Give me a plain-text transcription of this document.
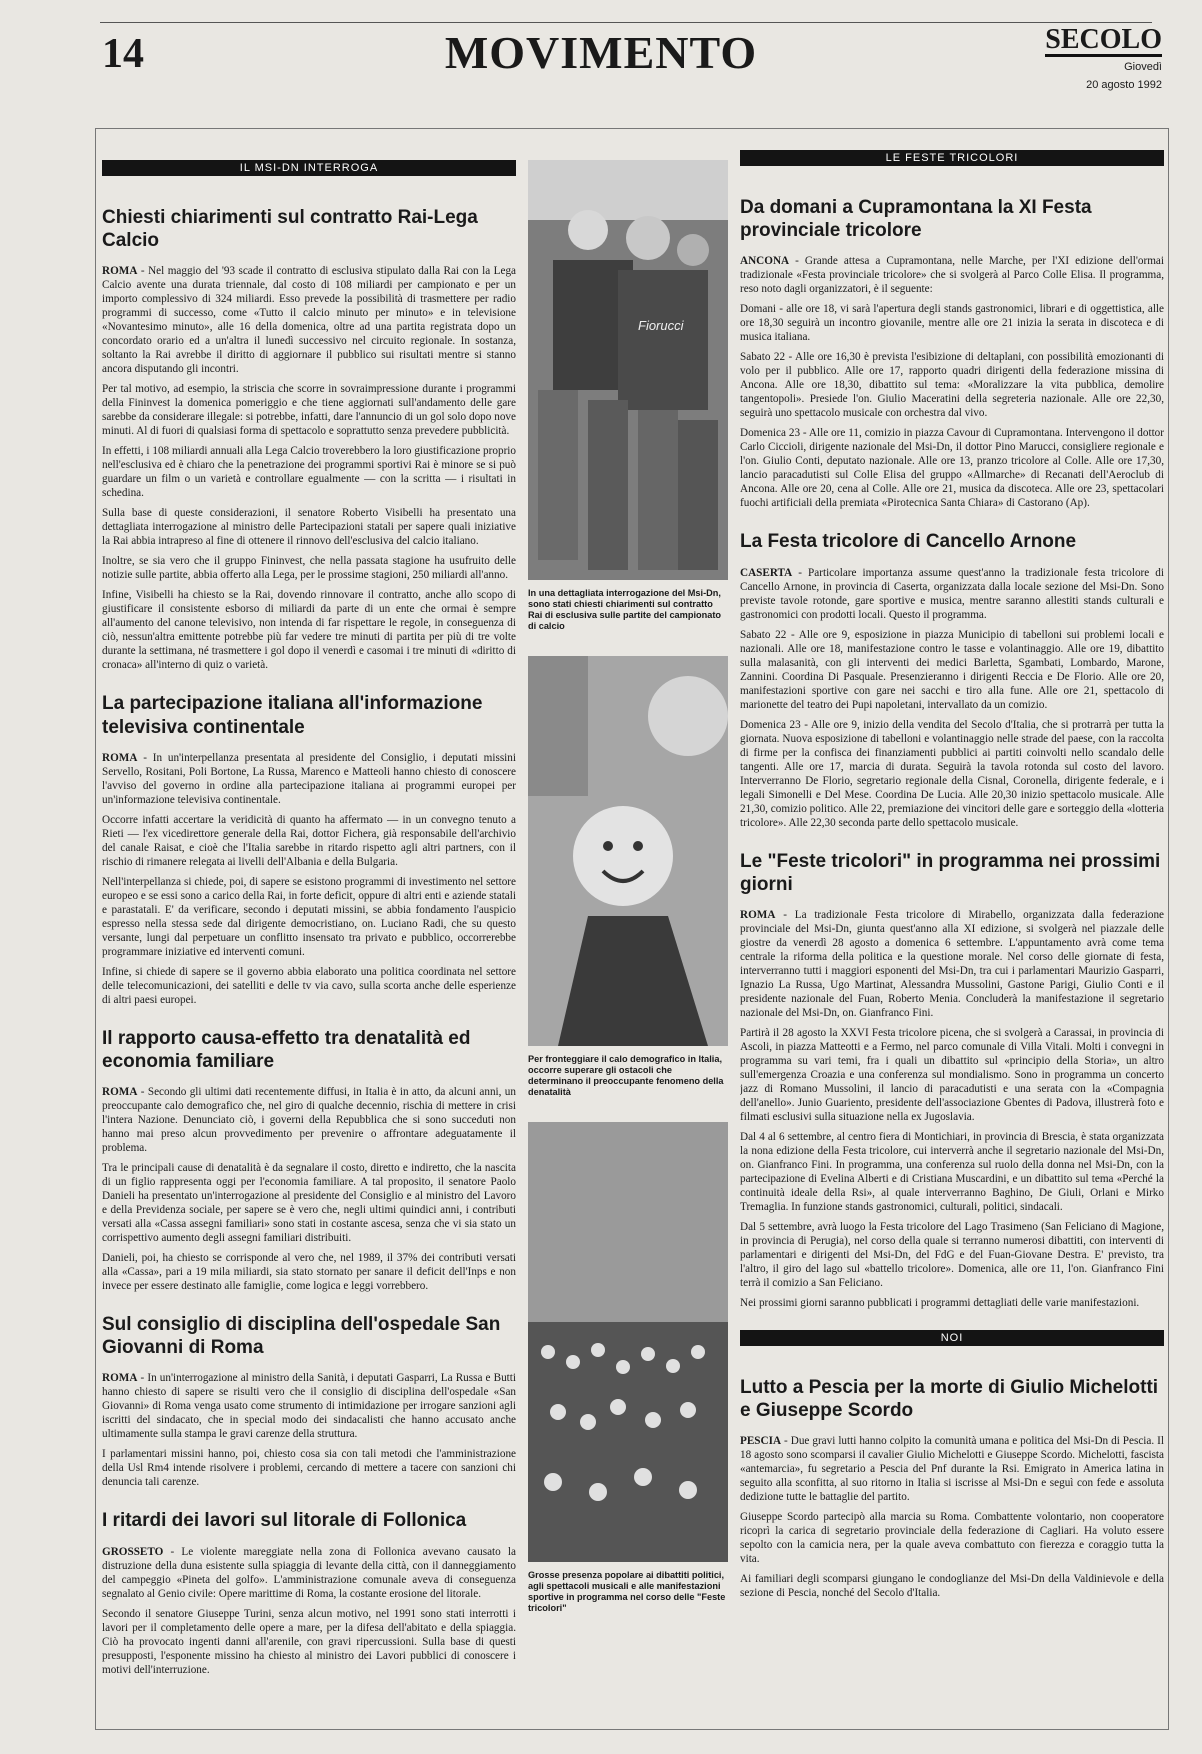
14	MOVIMENTO	SECOLO
Giovedì
20 agosto 1992
IL MSI-DN INTERROGA
Chiesti chiarimenti sul contratto Rai-Lega Calcio

ROMA - Nel maggio del '93 scade il contratto di esclusiva stipulato dalla Rai con la Lega Calcio avente una durata triennale, dal costo di 108 miliardi per campionato e per un importo complessivo di 324 miliardi. Esso prevede la possibilità di trasmettere per radio programmi di successo, come «Tutto il calcio minuto per minuto» e in televisione «Novantesimo minuto», alle 16 della domenica, oltre ad una partita registrata dopo un concordato orario ed a un'altra il lunedì successivo nel circuito regionale. In sostanza, soltanto la Rai avrebbe il diritto di aggiornare il pubblico sui risultati mentre si stanno ancora disputando gli incontri.

Per tal motivo, ad esempio, la striscia che scorre in sovraimpressione durante i programmi della Fininvest la domenica pomeriggio e che tiene aggiornati sull'andamento delle gare sarebbe da considerare illegale: si potrebbe, infatti, dare l'annuncio di un gol solo dopo nove minuti. Al di fuori di qualsiasi forma di spettacolo e soprattutto senza prevedere pubblicità.

In effetti, i 108 miliardi annuali alla Lega Calcio troverebbero la loro giustificazione proprio nell'esclusiva ed è chiaro che la penetrazione dei programmi sportivi Rai è minore se si può guardare un film o un varietà e controllare egualmente — con la scritta — i risultati in schedina.

Sulla base di queste considerazioni, il senatore Roberto Visibelli ha presentato una dettagliata interrogazione al ministro delle Partecipazioni statali per sapere quali iniziative la Rai abbia intrapreso al fine di ottenere il rinnovo dell'esclusiva del calcio italiano.

Inoltre, se sia vero che il gruppo Fininvest, che nella passata stagione ha usufruito delle notizie sulle partite, abbia offerto alla Lega, per le prossime stagioni, 250 miliardi all'anno.

Infine, Visibelli ha chiesto se la Rai, dovendo rinnovare il contratto, anche allo scopo di giustificare il consistente esborso di miliardi da parte di un ente che ormai è sempre all'aumento del canone televisivo, non intenda di far rispettare le regole, in conseguenza di ciò, nessun'altra emittente potrebbe più far vedere tre minuti di partita per più di tre volte durante la settimana, né trasmettere i gol dopo il venerdì e casomai i tre minuti di «diritto di cronaca» all'interno di quiz o varietà.

La partecipazione italiana all'informazione televisiva continentale

ROMA - In un'interpellanza presentata al presidente del Consiglio, i deputati missini Servello, Rositani, Poli Bortone, La Russa, Marenco e Matteoli hanno chiesto di conoscere l'avviso del governo in ordine alla partecipazione italiana ai programmi europei per un'informazione televisiva continentale.

Occorre infatti accertare la veridicità di quanto ha affermato — in un convegno tenuto a Rieti — l'ex vicedirettore generale della Rai, dottor Fichera, già responsabile dell'archivio del canale Raisat, e cioè che l'Italia sarebbe in ritardo rispetto agli altri partners, con il rischio di rimanere relegata ai livelli dell'Albania e della Bulgaria.

Nell'interpellanza si chiede, poi, di sapere se esistono programmi di investimento nel settore europeo e se essi sono a carico della Rai, in forte deficit, oppure di altri enti e aziende statali e parastatali. E' da verificare, secondo i deputati missini, se abbia fondamento l'auspicio espresso nella stessa sede dal dirigente democristiano, on. Luciano Radi, che su questo versante, lungi dal perpetuare un conflitto insensato tra privato e pubblico, occorrerebbe programmare iniziative ed interventi comuni.

Infine, si chiede di sapere se il governo abbia elaborato una politica coordinata nel settore delle telecomunicazioni, dei satelliti e delle tv via cavo, sulla scorta anche delle esperienze di altri paesi europei.

Il rapporto causa-effetto tra denatalità ed economia familiare

ROMA - Secondo gli ultimi dati recentemente diffusi, in Italia è in atto, da alcuni anni, un preoccupante calo demografico che, nel giro di qualche decennio, rischia di mettere in crisi l'intera Nazione. Denunciato ciò, i governi della Repubblica che si sono succeduti non hanno mai preso alcun provvedimento per prevenire o affrontare adeguatamente il problema.

Tra le principali cause di denatalità è da segnalare il costo, diretto e indiretto, che la nascita di un figlio rappresenta oggi per l'economia familiare. A tal proposito, il senatore Paolo Danieli ha presentato un'interrogazione al presidente del Consiglio e al ministro del Lavoro e della Previdenza sociale, per sapere se è vero che, negli ultimi quindici anni, i contributi versati alla «Cassa assegni familiari» sono stati in costante ascesa, senza che vi sia stato un corrispettivo aumento degli assegni familiari distribuiti.

Danieli, poi, ha chiesto se corrisponde al vero che, nel 1989, il 37% dei contributi versati alla «Cassa», pari a 19 mila miliardi, sia stato stornato per sanare il deficit dell'Inps e non invece per essere destinato alle famiglie, come logica e leggi vorrebbero.

Sul consiglio di disciplina dell'ospedale San Giovanni di Roma

ROMA - In un'interrogazione al ministro della Sanità, i deputati Gasparri, La Russa e Butti hanno chiesto di sapere se risulti vero che il consiglio di disciplina dell'ospedale «San Giovanni» di Roma venga usato come strumento di intimidazione per irrogare sanzioni agli iscritti del sindacato, che in special modo dei sindacalisti che hanno accusato anche ultimamente sulla stampa le gravi carenze della struttura.

I parlamentari missini hanno, poi, chiesto cosa sia con tali metodi che l'amministrazione della Usl Rm4 intende risolvere i problemi, cercando di mettere a tacere con sanzioni chi denuncia tali carenze.

I ritardi dei lavori sul litorale di Follonica

GROSSETO - Le violente mareggiate nella zona di Follonica avevano causato la distruzione della duna esistente sulla spiaggia di levante della città, con il danneggiamento del campeggio «Pineta del golfo». L'amministrazione comunale aveva di conseguenza segnalato al Genio civile: Opere marittime di Roma, la costante erosione del litorale.

Secondo il senatore Giuseppe Turini, senza alcun motivo, nel 1991 sono stati interrotti i lavori per il completamento delle opere a mare, per la difesa dell'abitato e della spiaggia. Ciò ha provocato ingenti danni all'arenile, con gravi ripercussioni. Sulla base di questi presupposti, l'esponente missino ha chiesto al ministro dei Lavori pubblici di conoscere i motivi dell'interruzione.

Fiorucci
In una dettagliata interrogazione del Msi-Dn, sono stati chiesti chiarimenti sul contratto Rai di esclusiva sulle partite del campionato di calcio
Per fronteggiare il calo demografico in Italia, occorre superare gli ostacoli che determinano il preoccupante fenomeno della denatalità
Grosse presenza popolare ai dibattiti politici, agli spettacoli musicali e alle manifestazioni sportive in programma nel corso delle "Feste tricolori"
LE FESTE TRICOLORI
Da domani a Cupramontana la XI Festa provinciale tricolore

ANCONA - Grande attesa a Cupramontana, nelle Marche, per l'XI edizione dell'ormai tradizionale «Festa provinciale tricolore» che si svolgerà al Parco Colle Elisa. Il programma, reso noto dagli organizzatori, è il seguente:

Domani - alle ore 18, vi sarà l'apertura degli stands gastronomici, librari e di oggettistica, alle ore 18,30 seguirà un incontro giovanile, mentre alle ore 21 inizia la serata in discoteca e di musica italiana.

Sabato 22 - Alle ore 16,30 è prevista l'esibizione di deltaplani, con possibilità emozionanti di volo per il pubblico. Alle ore 17, rapporto quadri dirigenti della federazione missina di Ancona. Alle ore 18,30, dibattito sul tema: «Moralizzare la vita pubblica, demolire tangentopoli». Presiede l'on. Giulio Maceratini della segreteria nazionale. Alle ore 22,30, seguirà uno spettacolo musicale con orchestra dal vivo.

Domenica 23 - Alle ore 11, comizio in piazza Cavour di Cupramontana. Intervengono il dottor Carlo Ciccioli, dirigente nazionale del Msi-Dn, il dottor Pino Marucci, consigliere regionale e l'on. Giulio Conti, deputato nazionale. Alle ore 13, pranzo tricolore al Colle. Alle ore 17,30, lancio paracadutisti sul Colle Elisa del gruppo «Allmarche» di Recanati dell'Aeroclub di Ancona. Alle ore 20, cena al Colle. Alle ore 21, musica da discoteca. Alle ore 23, spettacolari fuochi artificiali della premiata «Pirotecnica Santa Chiara» di Castorano (Ap).

La Festa tricolore di Cancello Arnone

CASERTA - Particolare importanza assume quest'anno la tradizionale festa tricolore di Cancello Arnone, in provincia di Caserta, organizzata dalla locale sezione del Msi-Dn. Sono previste tavole rotonde, gare sportive e musica, mentre saranno allestiti stands culturali e gastronomici con prodotti locali. Questo il programma.

Sabato 22 - Alle ore 9, esposizione in piazza Municipio di tabelloni sui problemi locali e nazionali. Alle ore 18, manifestazione contro le tasse e volantinaggio. Alle ore 19, dibattito sulla malasanità, con gli interventi dei medici Barletta, Sgambati, Lombardo, Marone, Zannini. Coordina Di Pasquale. Presenzieranno i dirigenti Reccia e De Florio. Alle ore 20, manifestazioni sportive con gare nei sacchi e tiro alla fune. Alle ore 21, spettacolo di marionette del teatro dei Pupi napoletani, intervallato da un comizio.

Domenica 23 - Alle ore 9, inizio della vendita del Secolo d'Italia, che si protrarrà per tutta la giornata. Nuova esposizione di tabelloni e volantinaggio nelle strade del paese, con la raccolta di firme per la confisca dei finanziamenti pubblici ai partiti coinvolti nello scandalo delle tangenti. Alle ore 17, marcia di durata. Seguirà la tavola rotonda sul costo del lavoro. Interverranno De Florio, segretario regionale della Cisnal, Coronella, dirigente federale, e i legali Simonelli e Del Mese. Coordina De Lucia. Alle 20,30 inizio spettacolo musicale. Alle 21,30, comizio politico. Alle 22, premiazione dei vincitori delle gare e sorteggio della «lotteria tricolore». Alle 22,30 seconda parte dello spettacolo musicale.

Le "Feste tricolori" in programma nei prossimi giorni

ROMA - La tradizionale Festa tricolore di Mirabello, organizzata dalla federazione provinciale del Msi-Dn, giunta quest'anno alla XI edizione, si svolgerà nel piazzale delle giostre da venerdì 28 agosto a domenica 6 settembre. L'appuntamento avrà come tema centrale la riforma della politica e la questione morale. Nel corso delle giornate di festa, interverranno tutti i maggiori esponenti del Msi-Dn, tra cui i parlamentari Maurizio Gasparri, Ignazio La Russa, Ugo Martinat, Alessandra Mussolini, Gastone Parigi, Giulio Conti e il presidente nazionale del Fuan, Roberto Menia. Concluderà la manifestazione il segretario nazionale del Msi-Dn, on. Gianfranco Fini.

Partirà il 28 agosto la XXVI Festa tricolore picena, che si svolgerà a Carassai, in provincia di Ascoli, in piazza Matteotti e a Fermo, nel parco comunale di Villa Vitali. Molti i convegni in programma su vari temi, fra i quali un dibattito sul «principio della Storia», un altro sull'emergenza Croazia e una conferenza sul mondialismo. Sono in programma un concerto jazz di Romano Mussolini, il lancio di paracadutisti e una serata con la «Compagnia dell'anello». Junio Guariento, presidente dell'associazione Gbentes di Padova, illustrerà foto e filmati esclusivi sulla situazione nella ex Jugoslavia.

Dal 4 al 6 settembre, al centro fiera di Montichiari, in provincia di Brescia, è stata organizzata la nona edizione della Festa tricolore, cui interverrà anche il segretario nazionale del Msi-Dn, on. Gianfranco Fini. In programma, una conferenza sul ruolo della donna nel Msi-Dn, con la partecipazione di Evelina Alberti e di Cristiana Muscardini, e un dibattito sul tema «Perché la continuità ideale della Rsi», al quale interverranno Baghino, De Giuli, Orlani e Mirko Tremaglia. In funzione stands gastronomici, culturali, politici, sindacali.

Dal 5 settembre, avrà luogo la Festa tricolore del Lago Trasimeno (San Feliciano di Magione, in provincia di Perugia), nel corso della quale si terranno numerosi dibattiti, con interventi di parlamentari e dirigenti del Msi-Dn, del FdG e del Fuan-Giovane Destra. E' previsto, tra l'altro, il giro del lago sul «battello tricolore». Domenica, alle ore 11, l'on. Gianfranco Fini terrà il comizio a San Feliciano.

Nei prossimi giorni saranno pubblicati i programmi dettagliati delle varie manifestazioni.

NOI
Lutto a Pescia per la morte di Giulio Michelotti e Giuseppe Scordo

PESCIA - Due gravi lutti hanno colpito la comunità umana e politica del Msi-Dn di Pescia. Il 18 agosto sono scomparsi il cavalier Giulio Michelotti e Giuseppe Scordo. Michelotti, fascista «antemarcia», fu segretario a Pescia del Pnf durante la Rsi. Emigrato in America latina in seguito alla sconfitta, al suo ritorno in Italia si iscrisse al Msi-Dn e seguì con fede e assoluta dedizione tutte le battaglie del partito.

Giuseppe Scordo partecipò alla marcia su Roma. Combattente volontario, non cooperatore ricoprì la carica di segretario provinciale della federazione di Cagliari. Ha voluto essere sepolto con la camicia nera, per la quale aveva combattuto con fierezza e coraggio tutta la vita.

Ai familiari degli scomparsi giungano le condoglianze del Msi-Dn della Valdinievole e della sezione di Pescia, nonché del Secolo d'Italia.
